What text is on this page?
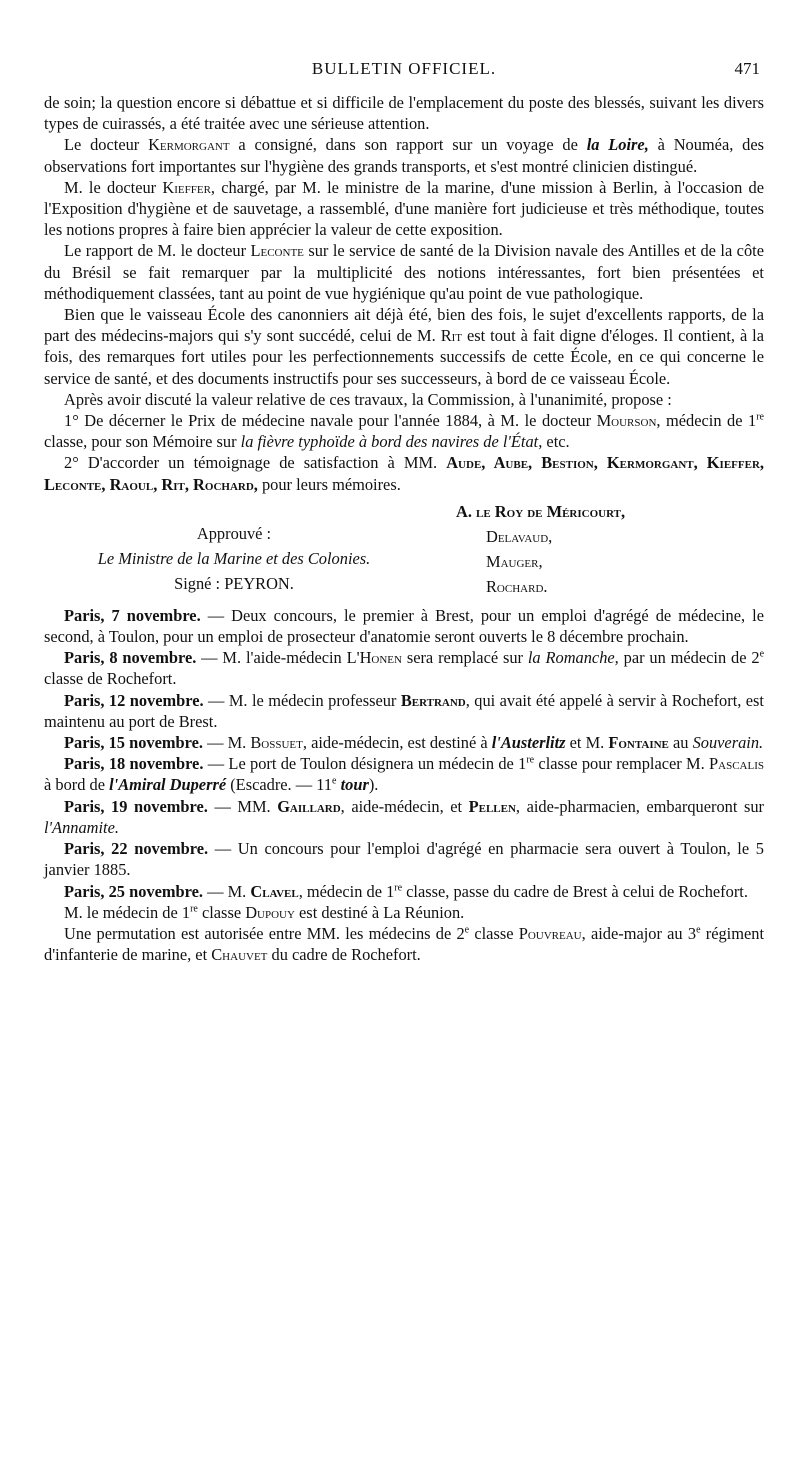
BULLETIN OFFICIEL.	471

de soin; la question encore si débattue et si difficile de l'emplacement du poste des blessés, suivant les divers types de cuirassés, a été traitée avec une sérieuse attention.

Le docteur Kermorgant a consigné, dans son rapport sur un voyage de la Loire, à Nouméa, des observations fort importantes sur l'hygiène des grands transports, et s'est montré clinicien distingué.

M. le docteur Kieffer, chargé, par M. le ministre de la marine, d'une mission à Berlin, à l'occasion de l'Exposition d'hygiène et de sauvetage, a rassemblé, d'une manière fort judicieuse et très méthodique, toutes les notions propres à faire bien apprécier la valeur de cette exposition.

Le rapport de M. le docteur Leconte sur le service de santé de la Division navale des Antilles et de la côte du Brésil se fait remarquer par la multiplicité des notions intéressantes, fort bien présentées et méthodiquement classées, tant au point de vue hygiénique qu'au point de vue pathologique.

Bien que le vaisseau École des canonniers ait déjà été, bien des fois, le sujet d'excellents rapports, de la part des médecins-majors qui s'y sont succédé, celui de M. Rit est tout à fait digne d'éloges. Il contient, à la fois, des remarques fort utiles pour les perfectionnements successifs de cette École, en ce qui concerne le service de santé, et des documents instructifs pour ses successeurs, à bord de ce vaisseau École.

Après avoir discuté la valeur relative de ces travaux, la Commission, à l'unanimité, propose :

1° De décerner le Prix de médecine navale pour l'année 1884, à M. le docteur Mourson, médecin de 1re classe, pour son Mémoire sur la fièvre typhoïde à bord des navires de l'État, etc.

2° D'accorder un témoignage de satisfaction à MM. Aude, Aube, Bestion, Kermorgant, Kieffer, Leconte, Raoul, Rit, Rochard, pour leurs mémoires.

Approuvé :
Le Ministre de la Marine et des Colonies.
Signé : PEYRON.
A. le Roy de Méricourt,
Delavaud,
Mauger,
Rochard.

Paris, 7 novembre. — Deux concours, le premier à Brest, pour un emploi d'agrégé de médecine, le second, à Toulon, pour un emploi de prosecteur d'anatomie seront ouverts le 8 décembre prochain.

Paris, 8 novembre. — M. l'aide-médecin L'Honen sera remplacé sur la Romanche, par un médecin de 2e classe de Rochefort.

Paris, 12 novembre. — M. le médecin professeur Bertrand, qui avait été appelé à servir à Rochefort, est maintenu au port de Brest.

Paris, 15 novembre. — M. Bossuet, aide-médecin, est destiné à l'Austerlitz et M. Fontaine au Souverain.

Paris, 18 novembre. — Le port de Toulon désignera un médecin de 1re classe pour remplacer M. Pascalis à bord de l'Amiral Duperré (Escadre. — 11e tour).

Paris, 19 novembre. — MM. Gaillard, aide-médecin, et Pellen, aide-pharmacien, embarqueront sur l'Annamite.

Paris, 22 novembre. — Un concours pour l'emploi d'agrégé en pharmacie sera ouvert à Toulon, le 5 janvier 1885.

Paris, 25 novembre. — M. Clavel, médecin de 1re classe, passe du cadre de Brest à celui de Rochefort.

M. le médecin de 1re classe Dupouy est destiné à La Réunion.

Une permutation est autorisée entre MM. les médecins de 2e classe Pouvreau, aide-major au 3e régiment d'infanterie de marine, et Chauvet du cadre de Rochefort.
